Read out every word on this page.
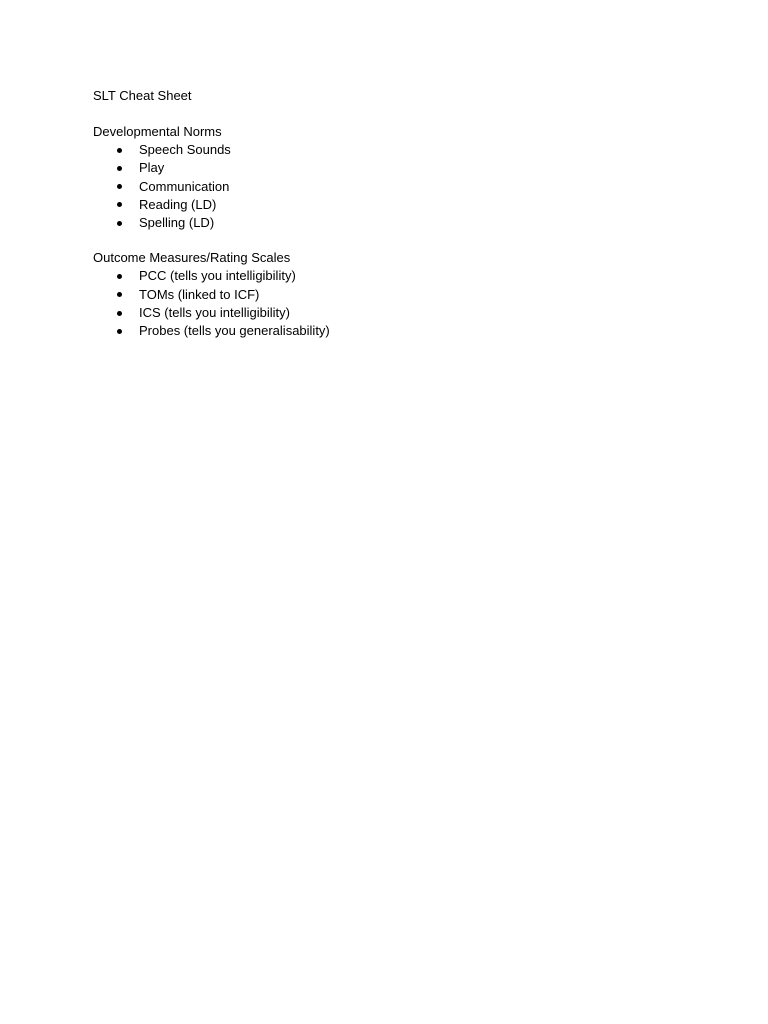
SLT Cheat Sheet
Developmental Norms
Speech Sounds
Play
Communication
Reading (LD)
Spelling (LD)
Outcome Measures/Rating Scales
PCC (tells you intelligibility)
TOMs (linked to ICF)
ICS (tells you intelligibility)
Probes (tells you generalisability)
